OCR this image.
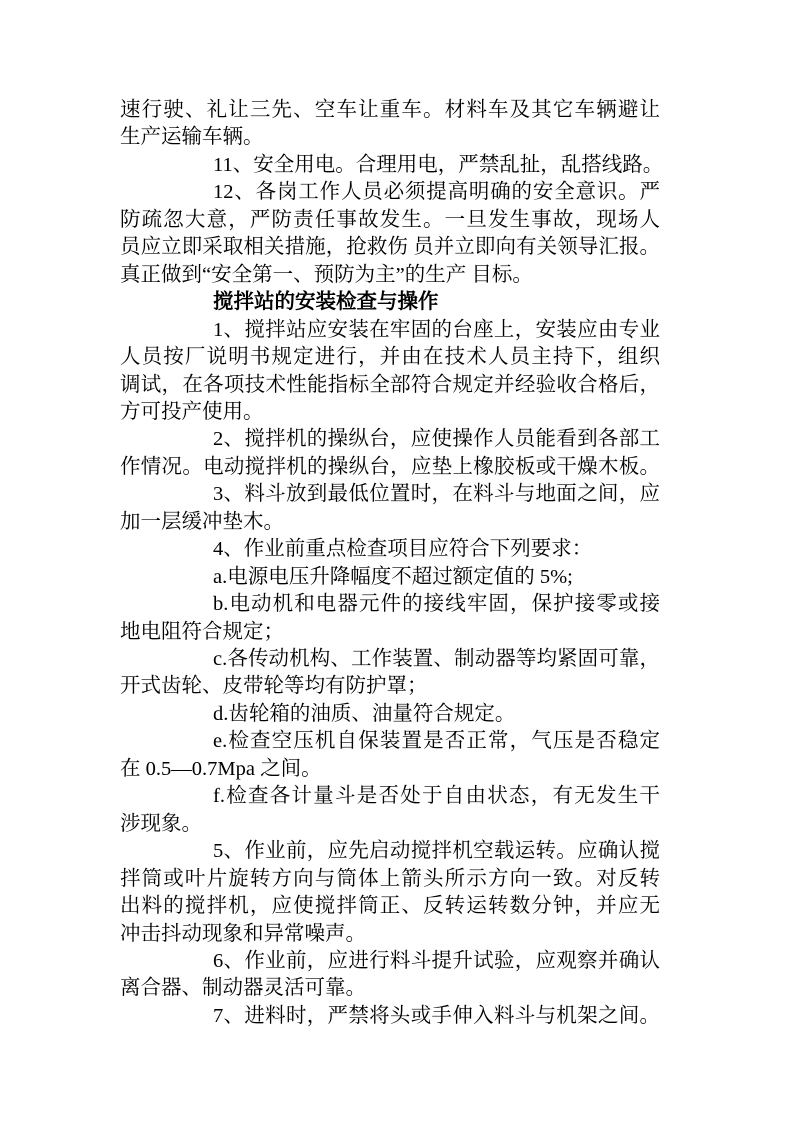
速行驶、礼让三先、空车让重车。材料车及其它车辆避让
生产运输车辆。
11、安全用电。合理用电，严禁乱扯，乱搭线路。
12、各岗工作人员必须提高明确的安全意识。严
防疏忽大意，严防责任事故发生。一旦发生事故，现场人
员应立即采取相关措施，抢救伤 员并立即向有关领导汇报。
真正做到“安全第一、预防为主”的生产 目标。
搅拌站的安装检查与操作
1、搅拌站应安装在牢固的台座上，安装应由专业
人员按厂说明书规定进行，并由在技术人员主持下，组织
调试，在各项技术性能指标全部符合规定并经验收合格后，
方可投产使用。
2、搅拌机的操纵台，应使操作人员能看到各部工
作情况。电动搅拌机的操纵台，应垫上橡胶板或干燥木板。
3、料斗放到最低位置时，在料斗与地面之间，应
加一层缓冲垫木。
4、作业前重点检查项目应符合下列要求：
a.电源电压升降幅度不超过额定值的 5%;
b.电动机和电器元件的接线牢固，保护接零或接
地电阻符合规定；
c.各传动机构、工作装置、制动器等均紧固可靠，
开式齿轮、皮带轮等均有防护罩；
d.齿轮箱的油质、油量符合规定。
e.检查空压机自保装置是否正常，气压是否稳定
在 0.5—0.7Mpa 之间。
f.检查各计量斗是否处于自由状态，有无发生干
涉现象。
5、作业前，应先启动搅拌机空载运转。应确认搅
拌筒或叶片旋转方向与筒体上箭头所示方向一致。对反转
出料的搅拌机，应使搅拌筒正、反转运转数分钟，并应无
冲击抖动现象和异常噪声。
6、作业前，应进行料斗提升试验，应观察并确认
离合器、制动器灵活可靠。
7、进料时，严禁将头或手伸入料斗与机架之间。
